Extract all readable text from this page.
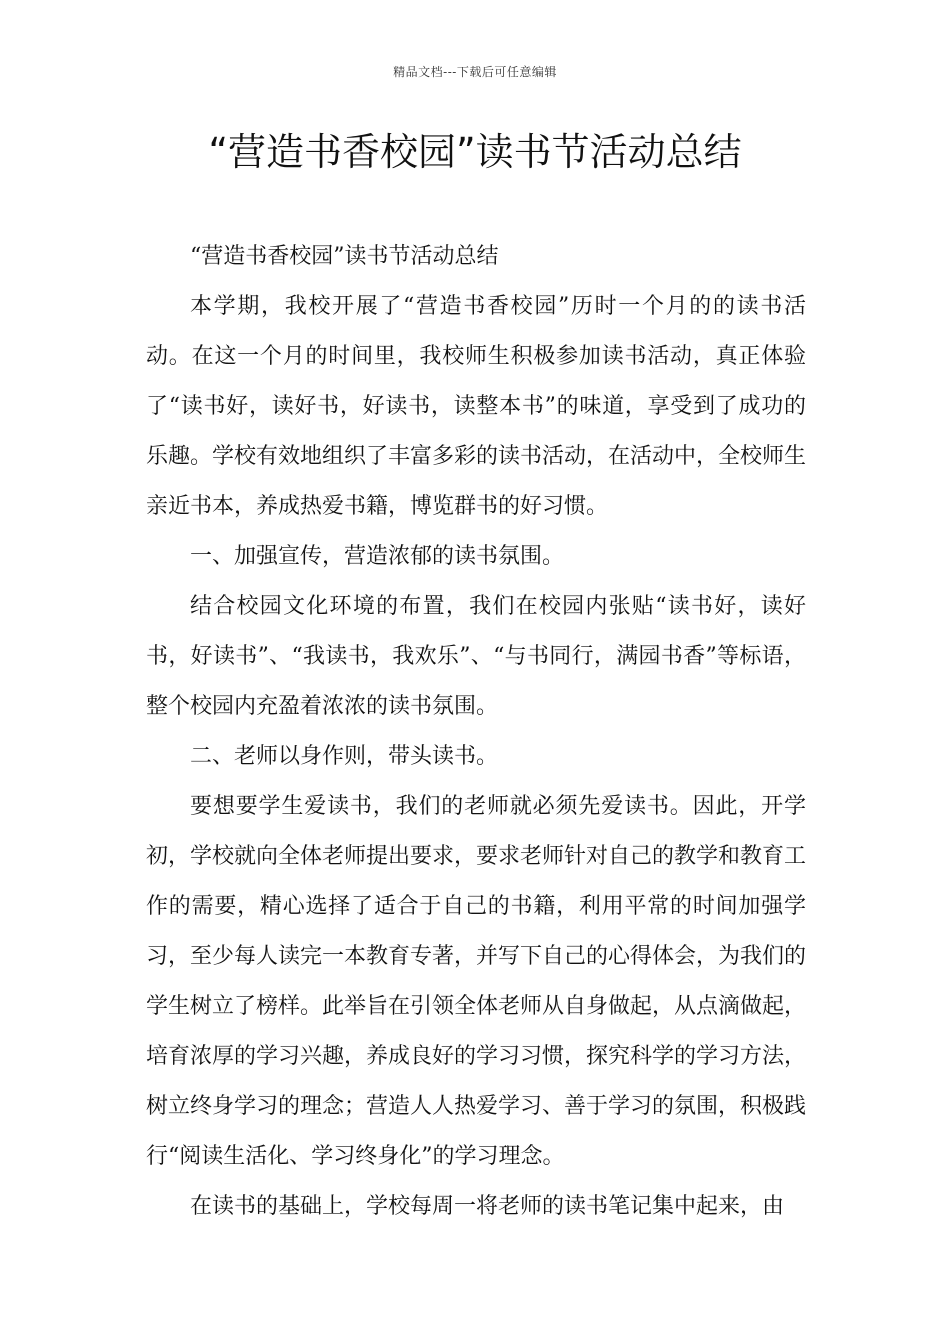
精品文档---下载后可任意编辑
“营造书香校园”读书节活动总结

“营造书香校园”读书节活动总结

本学期，我校开展了“营造书香校园”历时一个月的的读书活动。在这一个月的时间里，我校师生积极参加读书活动，真正体验了“读书好，读好书，好读书，读整本书”的味道，享受到了成功的乐趣。学校有效地组织了丰富多彩的读书活动，在活动中，全校师生亲近书本，养成热爱书籍，博览群书的好习惯。

一、加强宣传，营造浓郁的读书氛围。

结合校园文化环境的布置，我们在校园内张贴“读书好，读好书，好读书”、“我读书，我欢乐”、“与书同行，满园书香”等标语，整个校园内充盈着浓浓的读书氛围。

二、老师以身作则，带头读书。

要想要学生爱读书，我们的老师就必须先爱读书。因此，开学初，学校就向全体老师提出要求，要求老师针对自己的教学和教育工作的需要，精心选择了适合于自己的书籍，利用平常的时间加强学习，至少每人读完一本教育专著，并写下自己的心得体会，为我们的学生树立了榜样。此举旨在引领全体老师从自身做起，从点滴做起，培育浓厚的学习兴趣，养成良好的学习习惯，探究科学的学习方法，树立终身学习的理念；营造人人热爱学习、善于学习的氛围，积极践行“阅读生活化、学习终身化”的学习理念。

在读书的基础上，学校每周一将老师的读书笔记集中起来，由
